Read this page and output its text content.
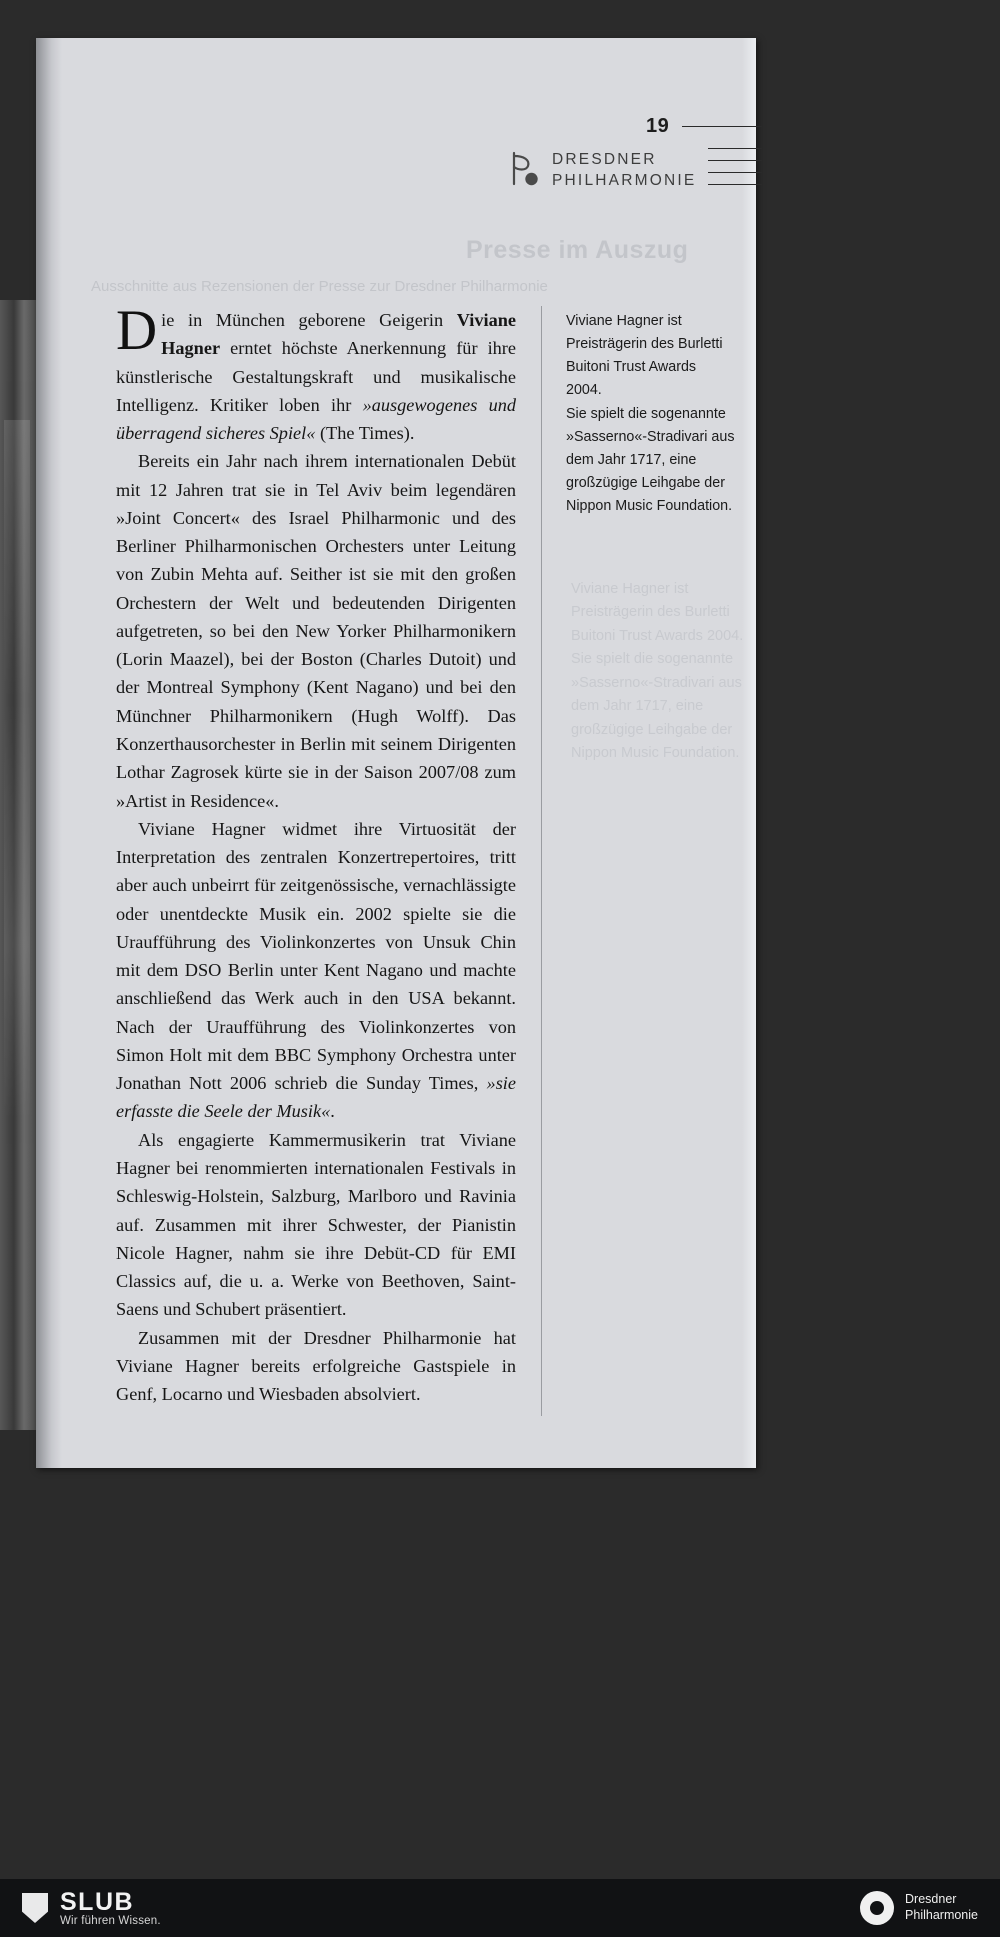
Presse im Auszug
Ausschnitte aus Rezensionen der Presse zur Dresdner Philharmonie
Viviane Hagner ist Preisträgerin des Burletti Buitoni Trust Awards 2004. Sie spielt die sogenannte »Sasserno«-Stradivari aus dem Jahr 1717, eine großzügige Leihgabe der Nippon Music Foundation.
19
DRESDNER
PHILHARMONIE

Die in München geborene Geigerin Viviane Hagner erntet höchste Anerkennung für ihre künstlerische Gestaltungskraft und musikalische Intelligenz. Kritiker loben ihr »ausgewogenes und überragend sicheres Spiel« (The Times).

Bereits ein Jahr nach ihrem internationalen Debüt mit 12 Jahren trat sie in Tel Aviv beim legendären »Joint Concert« des Israel Philharmonic und des Berliner Philharmonischen Orchesters unter Leitung von Zubin Mehta auf. Seither ist sie mit den großen Orchestern der Welt und bedeutenden Dirigenten aufgetreten, so bei den New Yorker Philharmonikern (Lorin Maazel), bei der Boston (Charles Dutoit) und der Montreal Symphony (Kent Nagano) und bei den Münchner Philharmonikern (Hugh Wolff). Das Konzerthausorchester in Berlin mit seinem Dirigenten Lothar Zagrosek kürte sie in der Saison 2007/08 zum »Artist in Residence«.

Viviane Hagner widmet ihre Virtuosität der Interpretation des zentralen Konzertrepertoires, tritt aber auch unbeirrt für zeitgenössische, vernachlässigte oder unentdeckte Musik ein. 2002 spielte sie die Uraufführung des Violinkonzertes von Unsuk Chin mit dem DSO Berlin unter Kent Nagano und machte anschließend das Werk auch in den USA bekannt. Nach der Uraufführung des Violinkonzertes von Simon Holt mit dem BBC Symphony Orchestra unter Jonathan Nott 2006 schrieb die Sunday Times, »sie erfasste die Seele der Musik«.

Als engagierte Kammermusikerin trat Viviane Hagner bei renommierten internationalen Festivals in Schleswig-Holstein, Salzburg, Marlboro und Ravinia auf. Zusammen mit ihrer Schwester, der Pianistin Nicole Hagner, nahm sie ihre Debüt-CD für EMI Classics auf, die u. a. Werke von Beethoven, Saint-Saens und Schubert präsentiert.

Zusammen mit der Dresdner Philharmonie hat Viviane Hagner bereits erfolgreiche Gastspiele in Genf, Locarno und Wiesbaden absolviert.

Viviane Hagner ist

Preisträgerin des Burletti

Buitoni Trust Awards

2004.

Sie spielt die sogenannte

»Sasserno«-Stradivari aus

dem Jahr 1717, eine

großzügige Leihgabe der

Nippon Music Foundation.

SLUB
Wir führen Wissen.
Dresdner
Philharmonie
